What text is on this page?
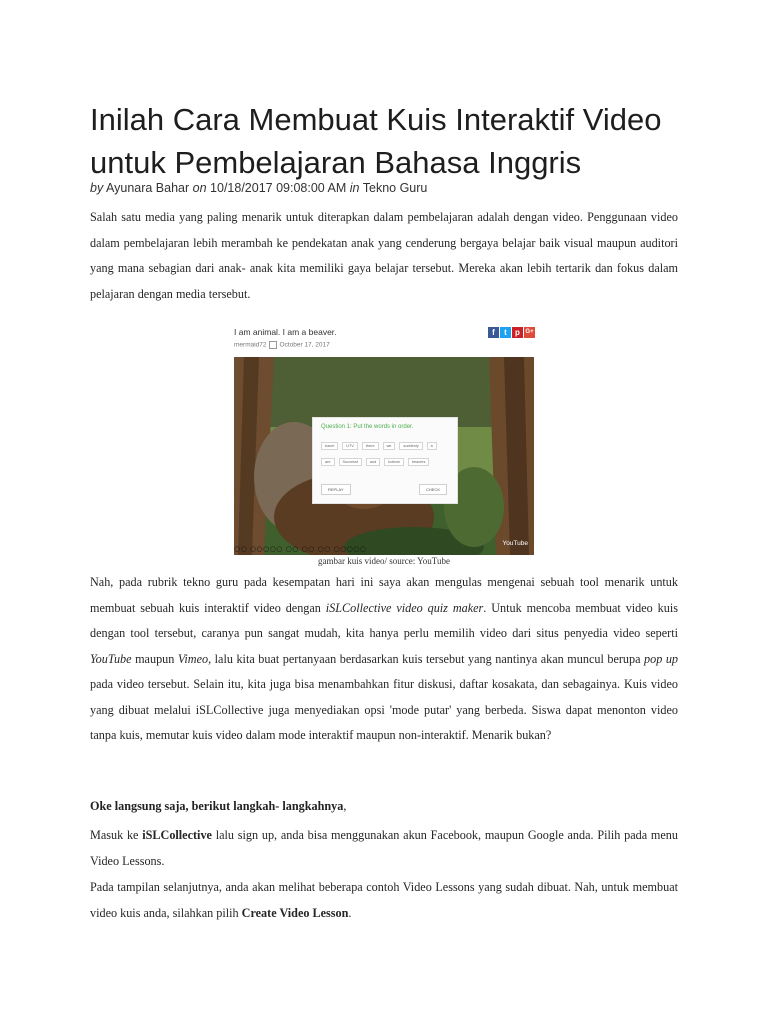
Inilah Cara Membuat Kuis Interaktif Video untuk Pembelajaran Bahasa Inggris
by Ayunara Bahar on 10/18/2017 09:08:00 AM in Tekno Guru

Salah satu media yang paling menarik untuk diterapkan dalam pembelajaran adalah dengan video. Penggunaan video dalam pembelajaran lebih merambah ke pendekatan anak yang cenderung bergaya belajar baik visual maupun auditori yang mana sebagian dari anak- anak kita memiliki gaya belajar tersebut. Mereka akan lebih tertarik dan fokus dalam pelajaran dengan media tersebut.

I am animal. I am a beaver.
mermaid72 October 17, 2017
f	t	p G+
Question 1: Put the words in order.
travel	UTV	there	we	suddenly	a
are	Successf	and	bottom	beavers
REPLAY	CHECK
YouTube
○○ ○○○○○ ○○ ○○ ○○ ○○○○○
gambar kuis video/ source: YouTube

Nah, pada rubrik tekno guru pada kesempatan hari ini saya akan mengulas mengenai sebuah tool menarik untuk membuat sebuah kuis interaktif video dengan iSLCollective video quiz maker. Untuk mencoba membuat video kuis dengan tool tersebut, caranya pun sangat mudah, kita hanya perlu memilih video dari situs penyedia video seperti YouTube maupun Vimeo, lalu kita buat pertanyaan berdasarkan kuis tersebut yang nantinya akan muncul berupa pop up pada video tersebut. Selain itu, kita juga bisa menambahkan fitur diskusi, daftar kosakata, dan sebagainya. Kuis video yang dibuat melalui iSLCollective juga menyediakan opsi 'mode putar' yang berbeda. Siswa dapat menonton video tanpa kuis, memutar kuis video dalam mode interaktif maupun non-interaktif. Menarik bukan?

Oke langsung saja, berikut langkah- langkahnya,

Masuk ke iSLCollective lalu sign up, anda bisa menggunakan akun Facebook, maupun Google anda. Pilih pada menu Video Lessons.

Pada tampilan selanjutnya, anda akan melihat beberapa contoh Video Lessons yang sudah dibuat. Nah, untuk membuat video kuis anda, silahkan pilih Create Video Lesson.
